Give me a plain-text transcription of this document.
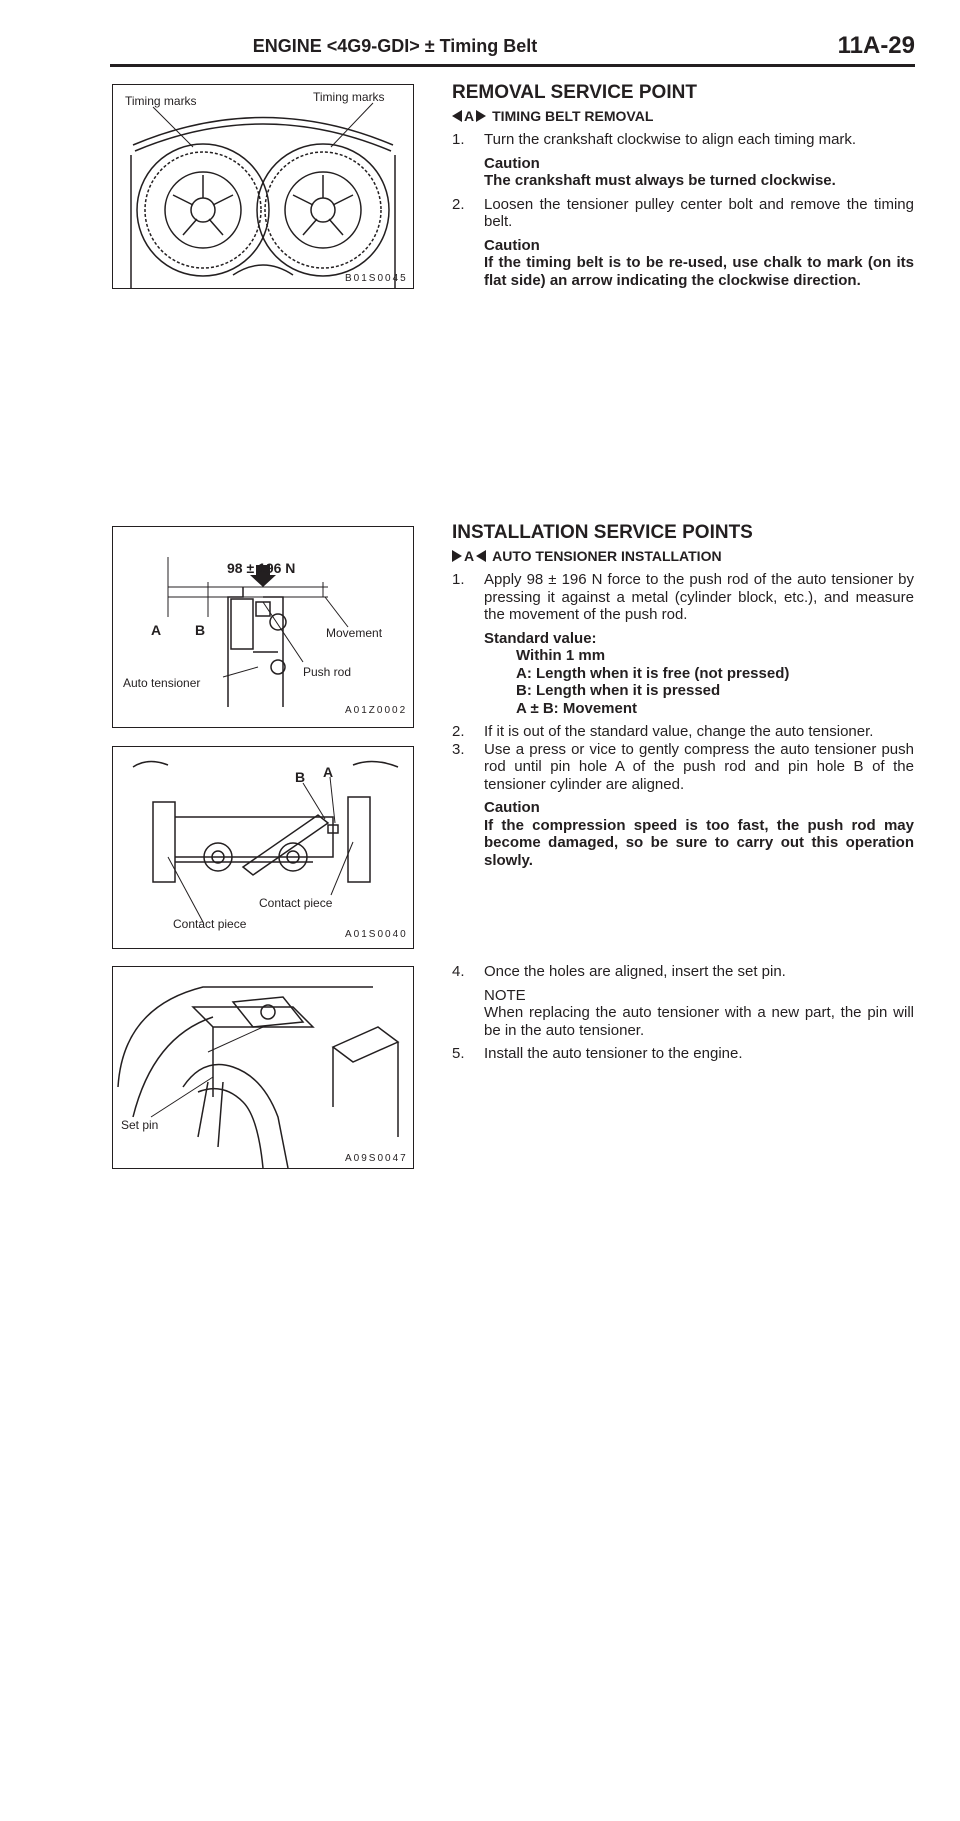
ENGINE <4G9-GDI> ± Timing Belt	11A-29
Timing marks	Timing marks
B01S0045
98 ± 196 N
A B	Movement
Push rod
Auto tensioner
A01Z0002
B A
Contact piece
Contact piece
A01S0040
Set pin
A09S0047
REMOVAL SERVICE POINT
A TIMING BELT REMOVAL
1. Turn the crankshaft clockwise to align each timing mark.
Caution
The crankshaft must always be turned clockwise.
2. Loosen the tensioner pulley center bolt and remove the timing belt.
Caution
If the timing belt is to be re-used, use chalk to mark (on its flat side) an arrow indicating the clockwise direction.
INSTALLATION SERVICE POINTS
A AUTO TENSIONER INSTALLATION
1. Apply 98 ± 196 N force to the push rod of the auto tensioner by pressing it against a metal (cylinder block, etc.), and measure the movement of the push rod.
Standard value:
Within 1 mm
A: Length when it is free (not pressed)
B: Length when it is pressed
A ± B: Movement
2. If it is out of the standard value, change the auto tensioner.
3. Use a press or vice to gently compress the auto tensioner push rod until pin hole A of the push rod and pin hole B of the tensioner cylinder are aligned.
Caution
If the compression speed is too fast, the push rod may become damaged, so be sure to carry out this operation slowly.
4. Once the holes are aligned, insert the set pin.
NOTE
When replacing the auto tensioner with a new part, the pin will be in the auto tensioner.
5. Install the auto tensioner to the engine.
